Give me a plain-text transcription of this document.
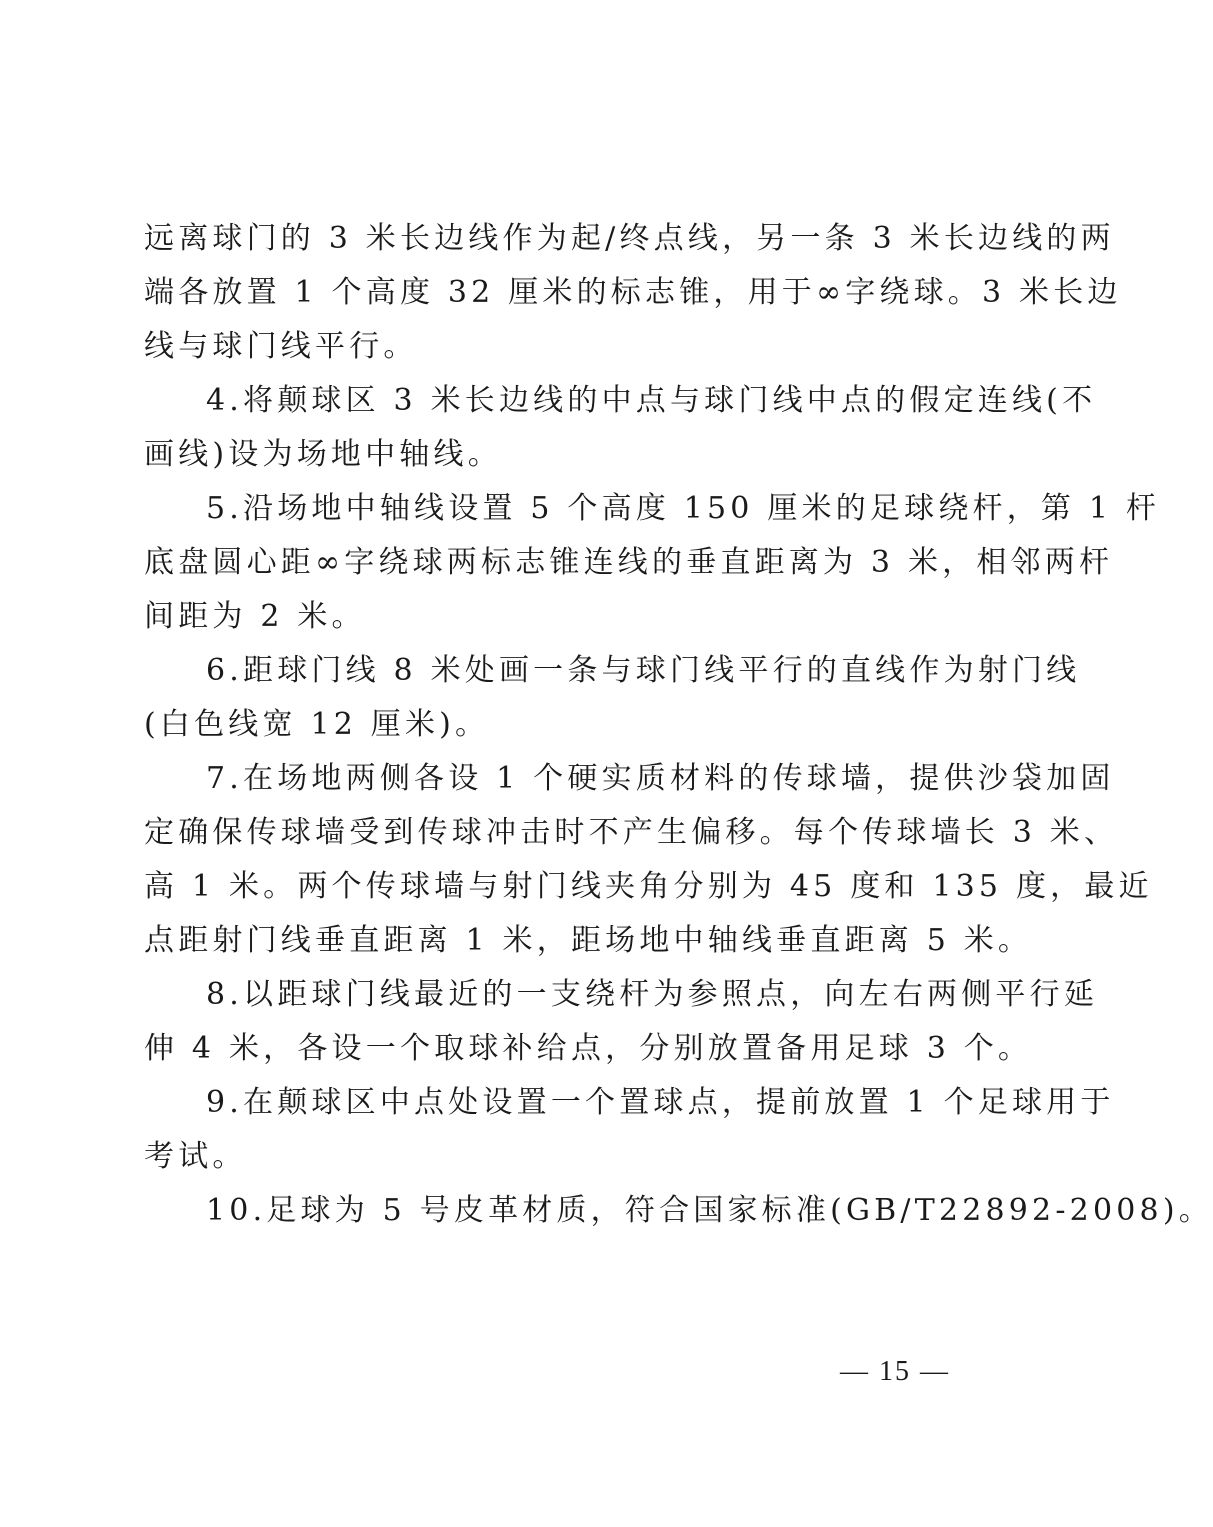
远离球门的 3 米长边线作为起/终点线，另一条 3 米长边线的两
端各放置 1 个高度 32 厘米的标志锥，用于∞字绕球。3 米长边
线与球门线平行。

4.将颠球区 3 米长边线的中点与球门线中点的假定连线(不
画线)设为场地中轴线。

5.沿场地中轴线设置 5 个高度 150 厘米的足球绕杆，第 1 杆
底盘圆心距∞字绕球两标志锥连线的垂直距离为 3 米，相邻两杆
间距为 2 米。

6.距球门线 8 米处画一条与球门线平行的直线作为射门线
(白色线宽 12 厘米)。

7.在场地两侧各设 1 个硬实质材料的传球墙，提供沙袋加固
定确保传球墙受到传球冲击时不产生偏移。每个传球墙长 3 米、
高 1 米。两个传球墙与射门线夹角分别为 45 度和 135 度，最近
点距射门线垂直距离 1 米，距场地中轴线垂直距离 5 米。

8.以距球门线最近的一支绕杆为参照点，向左右两侧平行延
伸 4 米，各设一个取球补给点，分别放置备用足球 3 个。

9.在颠球区中点处设置一个置球点，提前放置 1 个足球用于
考试。

10.足球为 5 号皮革材质，符合国家标准(GB/T22892-2008)。

— 15 —
